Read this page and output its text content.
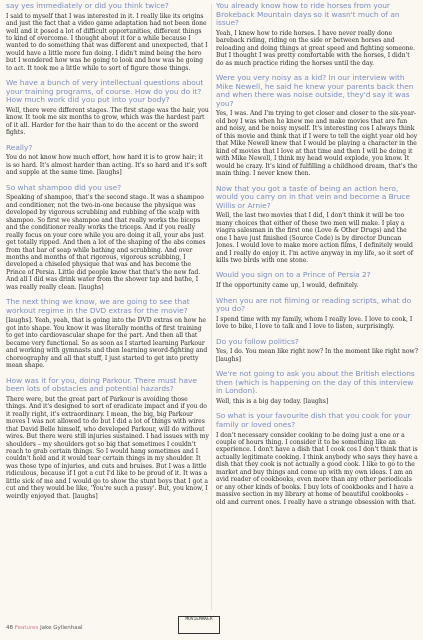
say yes immediately or did you think twice?

I said to myself that I was interested in it. I really like its origins and just the fact that a video game adaptation had not been done well and it posed a lot of difficult opportunities, different things to kind of overcome. I thought about it for a while because I wanted to do something that was different and unexpected, that I would have a little more fun doing. I didn't mind being the hero but I wondered how was he going to look and how was he going to act. It took me a little while to sort of figure those things.

We have a bunch of very intellectual questions about your training programs, of course. How do you do it? How much work did you put into your body?

Well, there were different stages. The first stage was the hair, you know. It took me six months to grow, which was the hardest part of it all. Harder for the hair than to do the accent or the sword fights.

Really?

You do not know how much effort, how hard it is to grow hair; it is so hard. It's almost harder than acting. It's so hard and it's soft and supple at the same time. [laughs]

So what shampoo did you use?

Speaking of shampoo, that's the second stage. It was a shampoo and conditioner, not the two-in-one because the physique was developed by vigorous scrubbing and rubbing of the scalp with shampoo. So first we shampoo and that really works the biceps and the conditioner really works the triceps. And if you really really focus on your core while you are doing it all, your abs just get totally ripped. And then a lot of the shaping of the abs comes from that bar of soap while bathing and scrubbing. And over months and months of that rigorous, vigorous scrubbing, I developed a chiseled physique that was and has become the Prince of Persia. Little did people know that that's the new fad. And all I did was drink water from the shower tap and bathe, I was really really clean. [laughs]

The next thing we know, we are going to see that workout regime in the DVD extras for the movie?

[laughs]. Yeah, yeah, that is going into the DVD extras on how he got into shape. You know it was literally months of first training to get into cardiovascular shape for the part. And then all that became very functional. So as soon as I started learning Parkour and working with gymnasts and then learning sword-fighting and choreography and all that stuff, I just started to get into pretty mean shape.

How was it for you, doing Parkour. There must have been lots of obstacles and potential hazards?

There were, but the great part of Parkour is avoiding those things. And it's designed to sort of eradicate impact and if you do it really right, it's extraordinary. I mean, the big, big Parkour moves I was not allowed to do but I did a lot of things with wires that David Belle himself, who developed Parkour, will do without wires. But there were still injuries sustained. I had issues with my shoulders – my shoulders got so big that sometimes I couldn't reach to grab certain things. So I would hang sometimes and I couldn't hold and it would tear certain things in my shoulder. It was those type of injuries, and cuts and bruises. But I was a little ridiculous, because if I got a cut I'd like to be proud of it. It was a little sick of me and I would go to show the stunt boys that I got a cut and they would be like, 'You're such a pussy'. But, you know, I weirdly enjoyed that. [laughs]

You already know how to ride horses from your Brokeback Mountain days so it wasn't much of an issue?

Yeah, I knew how to ride horses. I have never really done bareback riding, riding on the side or between horses and reloading and doing things at great speed and fighting someone. But I thought I was pretty comfortable with the horses, I didn't do as much practice riding the horses until the day.

Were you very noisy as a kid? In our interview with Mike Newell, he said he knew your parents back then and when there was noise outside, they'd say it was you?

Yes, I was. And I'm trying to get closer and closer to the six-year-old boy I was when he knew me and make movies that are fun and noisy, and be noisy myself. It's interesting cos I always think of this movie and think that if I were to tell the eight year old boy that Mike Newell knew that I would be playing a character in the kind of movies that I love at that time and then I will be doing it with Mike Newell, I think my head would explode, you know. It would be crazy. It's kind of fulfilling a childhood dream, that's the main thing. I never knew then.

Now that you got a taste of being an action hero, would you carry on in that vein and become a Bruce Willis or Arnie?

Well, the last two movies that I did, I don't think it will be too many choices that either of these two men will make. I play a viagra salesman in the first one (Love & Other Drugs) and the one I have just finished (Source Code) is by director Duncan Jones. I would love to make more action films, I definitely would and I really do enjoy it. I'm active anyway in my life, so it sort of kills two birds with one stone.

Would you sign on to a Prince of Persia 2?

If the opportunity came up, I would, definitely.

When you are not filming or reading scripts, what do you do?

I spend time with my family, whom I really love. I love to cook, I love to bike, I love to talk and I love to listen, surprisingly.

Do you follow politics?

Yes, I do. You mean like right now? In the moment like right now? [laughs]

We're not going to ask you about the British elections then (which is happening on the day of this interview in London).

Well, this is a big day today. [laughs]

So what is your favourite dish that you cook for your family or loved ones?

I don't necessary consider cooking to be doing just a one or a couple of hours thing. I consider it to be something like an experience. I don't have a dish that I cook cos I don't think that is actually legitimate cooking. I think anybody who says they have a dish that they cook is not actually a good cook. I like to go to the market and buy things and come up with my own ideas. I am an avid reader of cookbooks, even more than any other periodicals or any other kinds of books. I buy lots of cookbooks and I have a massive section in my library at home of beautiful cookbooks – old and current ones. I really have a strange obsession with that.

MOVIEMAKER
48 Features Jake Gyllenhaal
